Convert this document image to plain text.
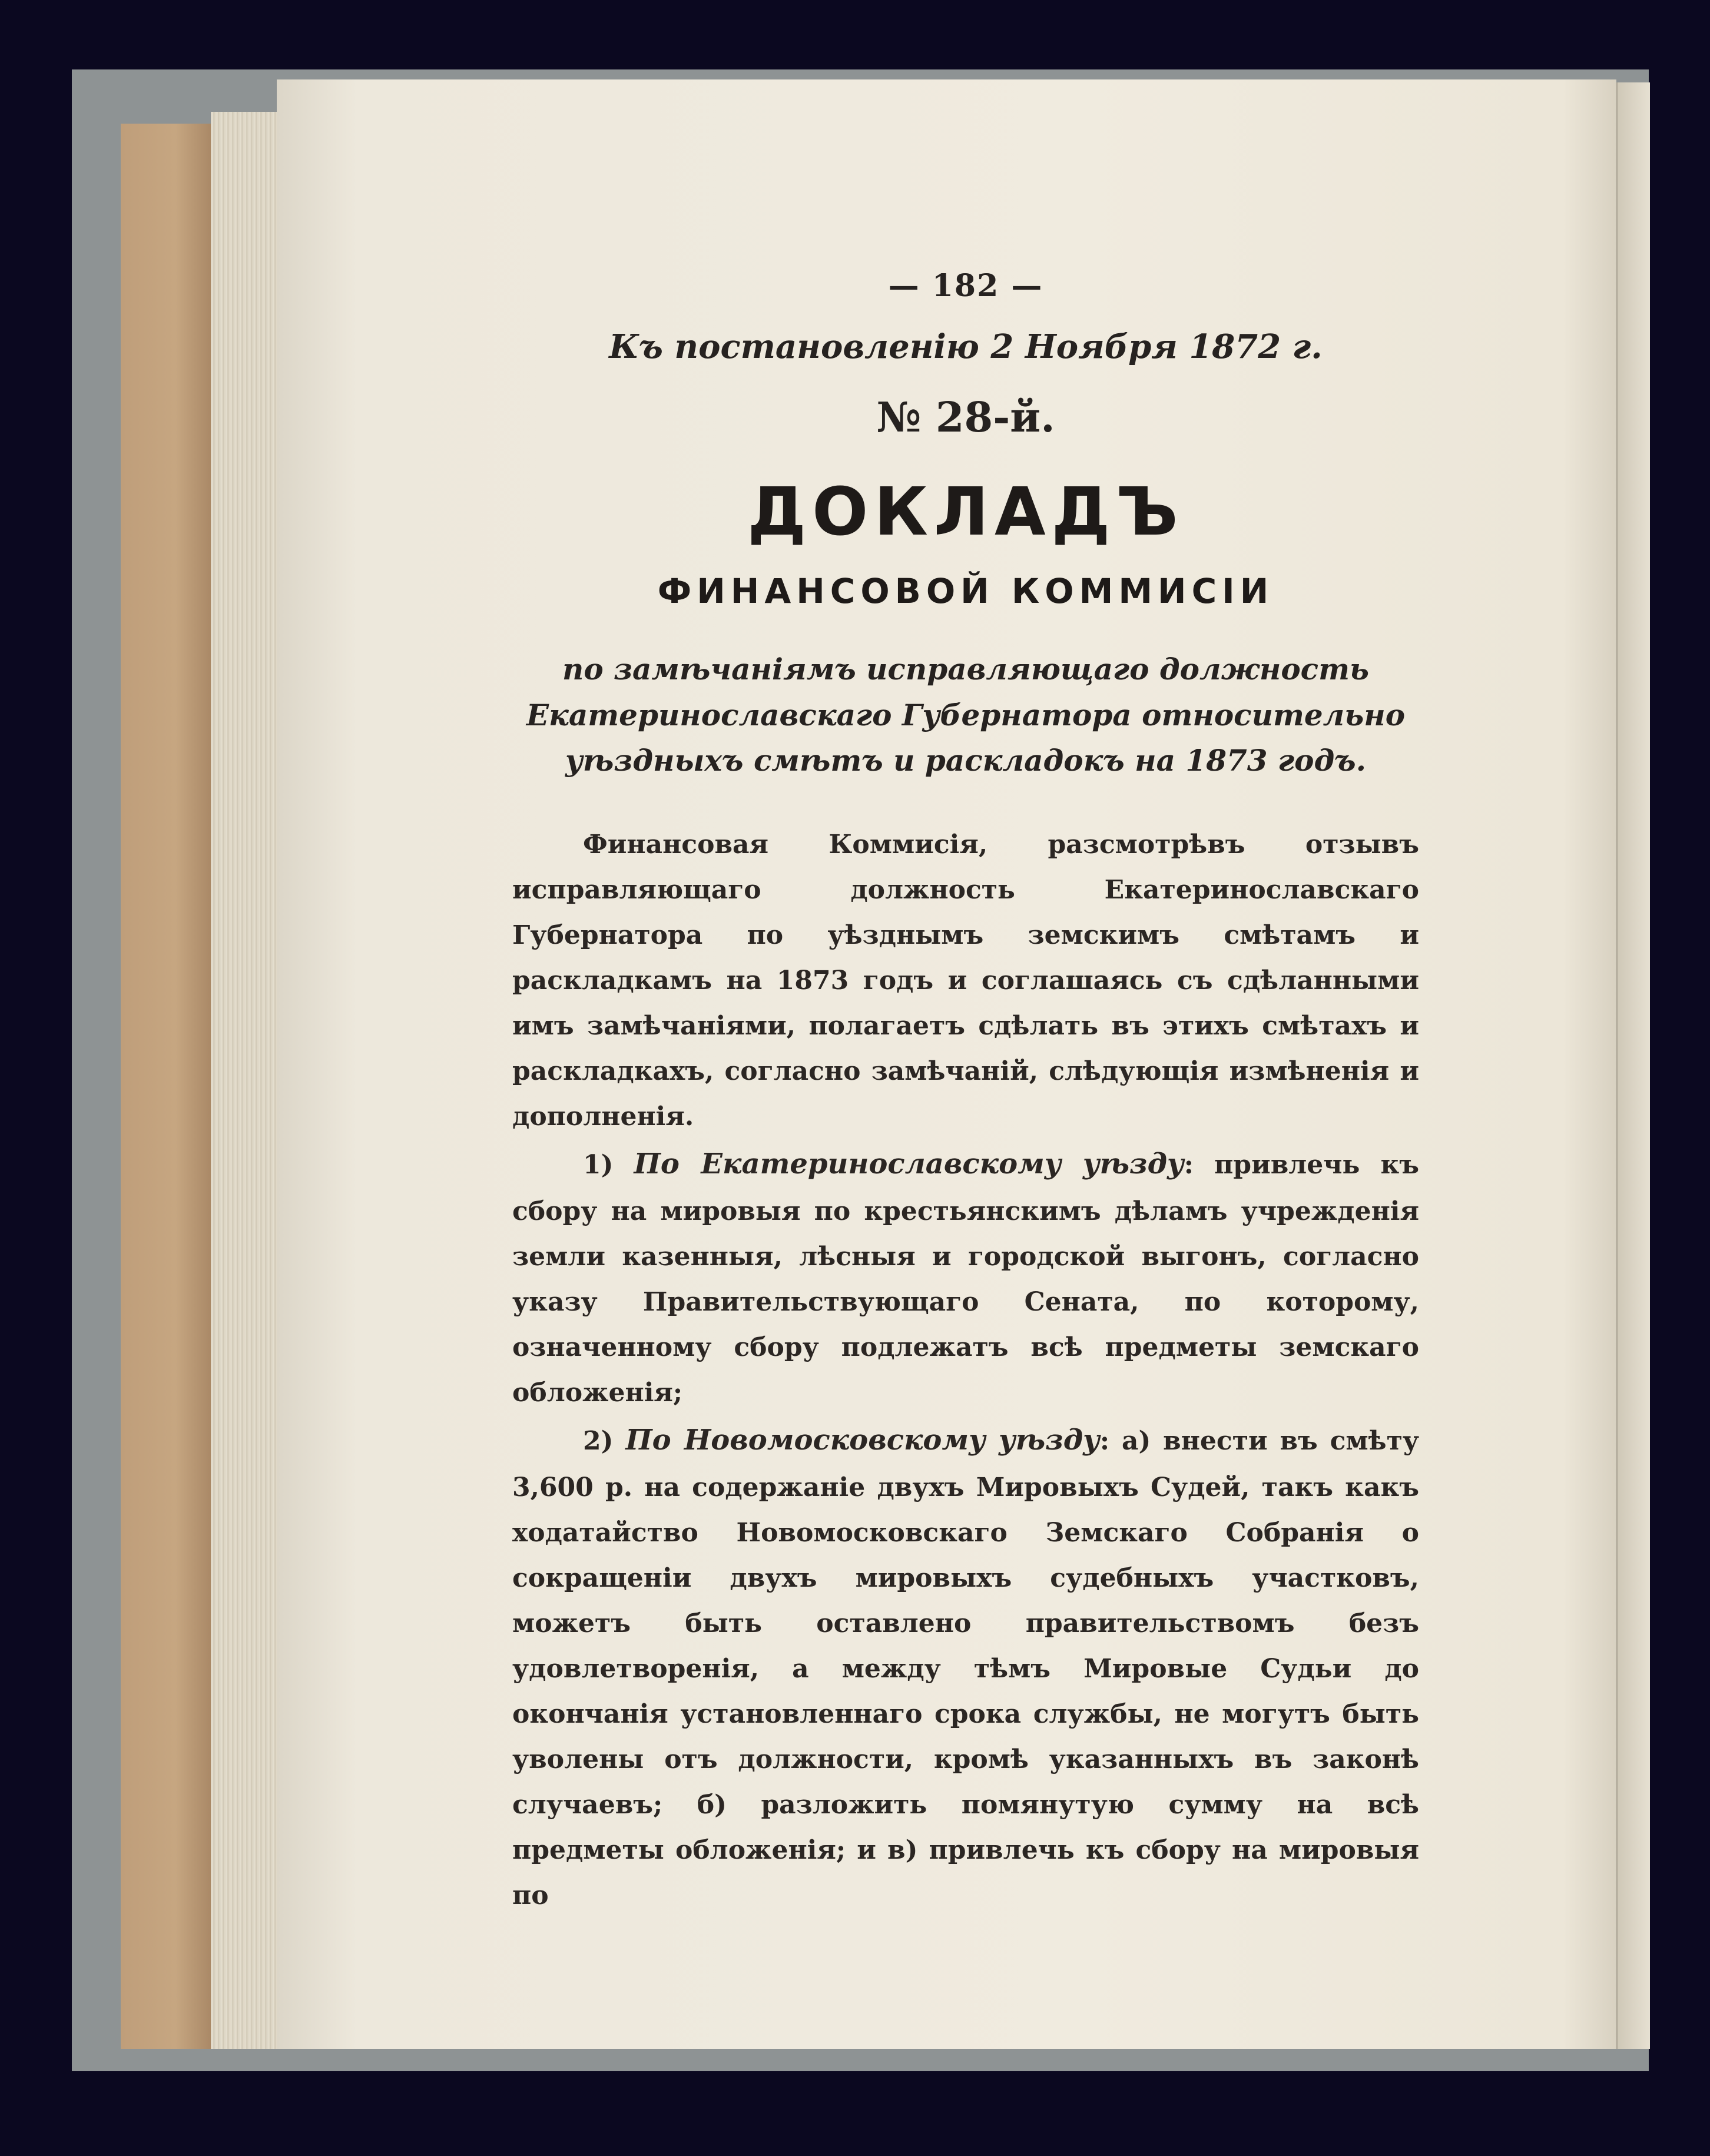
— 182 —
Къ постановленію 2 Ноября 1872 г.
№ 28-й.
ДОКЛАДЪ
ФИНАНСОВОЙ КОММИСІИ
по замѣчаніямъ исправляющаго должность Екатеринославскаго Губернатора относительно уѣздныхъ смѣтъ и раскладокъ на 1873 годъ.

Финансовая Коммисія, разсмотрѣвъ отзывъ исправляющаго должность Екатеринославскаго Губернатора по уѣзднымъ земскимъ смѣтамъ и раскладкамъ на 1873 годъ и соглашаясь съ сдѣланными имъ замѣчаніями, полагаетъ сдѣлать въ этихъ смѣтахъ и раскладкахъ, согласно замѣчаній, слѣдующія измѣненія и дополненія.

1) По Екатеринославскому уѣзду: привлечь къ сбору на мировыя по крестьянскимъ дѣламъ учрежденія земли казенныя, лѣсныя и городской выгонъ, согласно указу Правительствующаго Сената, по которому, означенному сбору подлежатъ всѣ предметы земскаго обложенія;

2) По Новомосковскому уѣзду: а) внести въ смѣту 3,600 р. на содержаніе двухъ Мировыхъ Судей, такъ какъ ходатайство Новомосковскаго Земскаго Собранія о сокращеніи двухъ мировыхъ судебныхъ участковъ, можетъ быть оставлено правительствомъ безъ удовлетворенія, а между тѣмъ Мировые Судьи до окончанія установленнаго срока службы, не могутъ быть уволены отъ должности, кромѣ указанныхъ въ законѣ случаевъ; б) разложить помянутую сумму на всѣ предметы обложенія; и в) привлечь къ сбору на мировыя по
